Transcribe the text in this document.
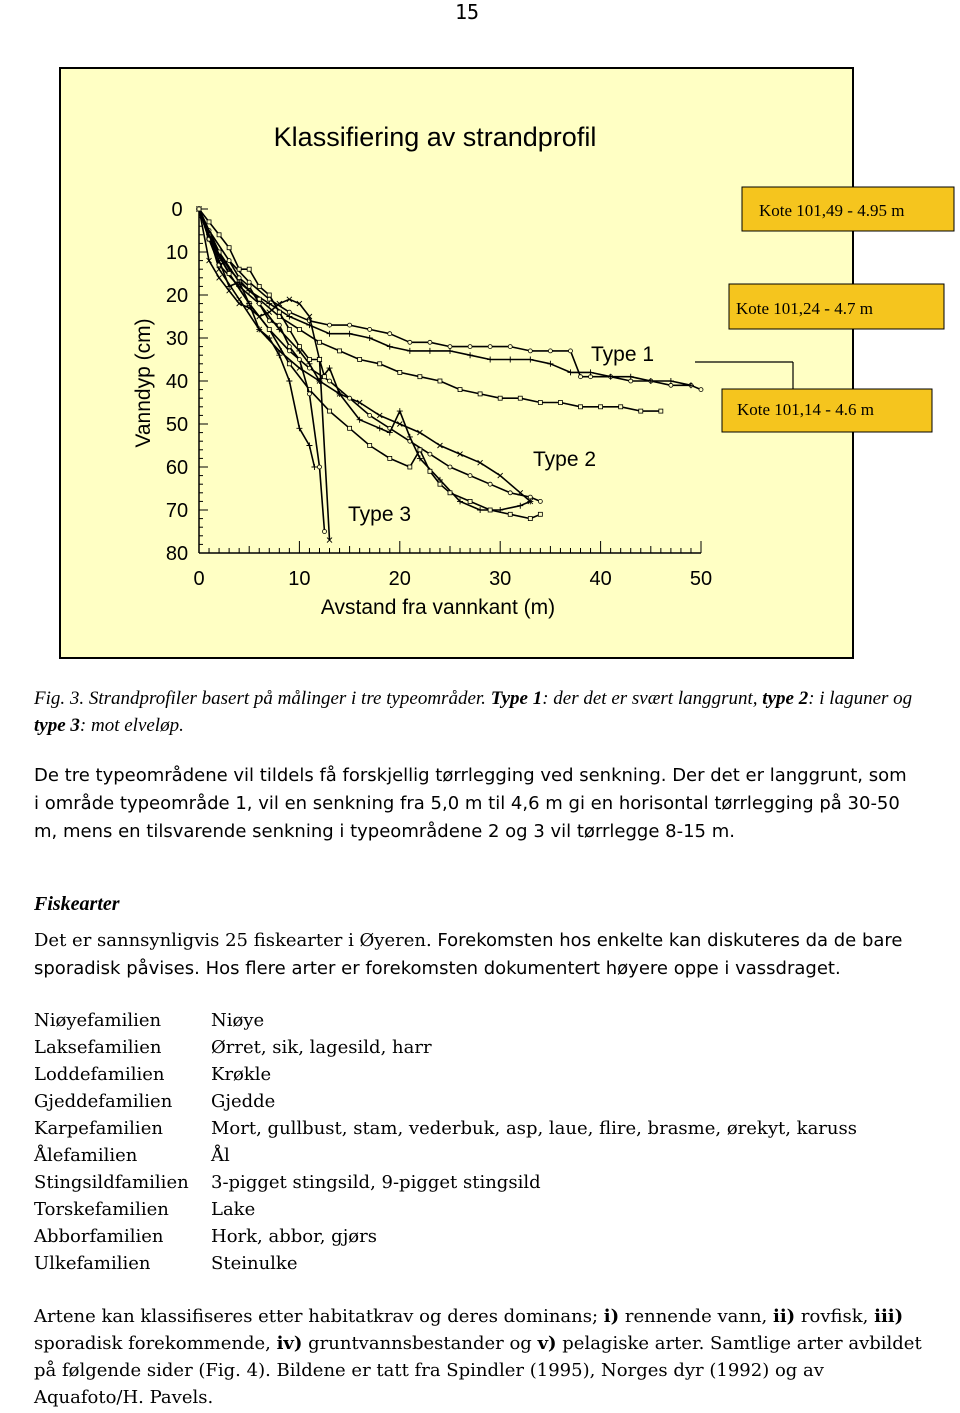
15
Klassifiering av strandprofil
Vanndyp (cm)
Avstand fra vannkant (m)
0
10
20
30
40
50
60
70
80
0	10	20	30	40	50
Type 1
Type 2
Type 3
Kote 101,49 - 4.95 m
Kote 101,24 - 4.7 m
Kote 101,14 - 4.6 m
Fig. 3. Strandprofiler basert på målinger i tre typeområder. Type 1: der det er svært langgrunt, type 2: i laguner og type 3: mot elveløp.
De tre typeområdene vil tildels få forskjellig tørrlegging ved senkning. Der det er langgrunt, som i område typeområde 1, vil en senkning fra 5,0 m til 4,6 m gi en horisontal tørrlegging på 30-50 m, mens en tilsvarende senkning i typeområdene 2 og 3 vil tørrlegge 8-15 m.
Fiskearter
Det er sannsynligvis 25 fiskearter i Øyeren. Forekomsten hos enkelte kan diskuteres da de bare sporadisk påvises. Hos flere arter er forekomsten dokumentert høyere oppe i vassdraget.
Niøyefamilien	Niøye
Laksefamilien	Ørret, sik, lagesild, harr
Loddefamilien	Krøkle
Gjeddefamilien	Gjedde
Karpefamilien	Mort, gullbust, stam, vederbuk, asp, laue, flire, brasme, ørekyt, karuss
Ålefamilien	Ål
Stingsildfamilien	3-pigget stingsild, 9-pigget stingsild
Torskefamilien	Lake
Abborfamilien	Hork, abbor, gjørs
Ulkefamilien	Steinulke
Artene kan klassifiseres etter habitatkrav og deres dominans; i) rennende vann, ii) rovfisk, iii) sporadisk forekommende, iv) gruntvannsbestander og v) pelagiske arter. Samtlige arter avbildet på følgende sider (Fig. 4). Bildene er tatt fra Spindler (1995), Norges dyr (1992) og av Aquafoto/H. Pavels.
